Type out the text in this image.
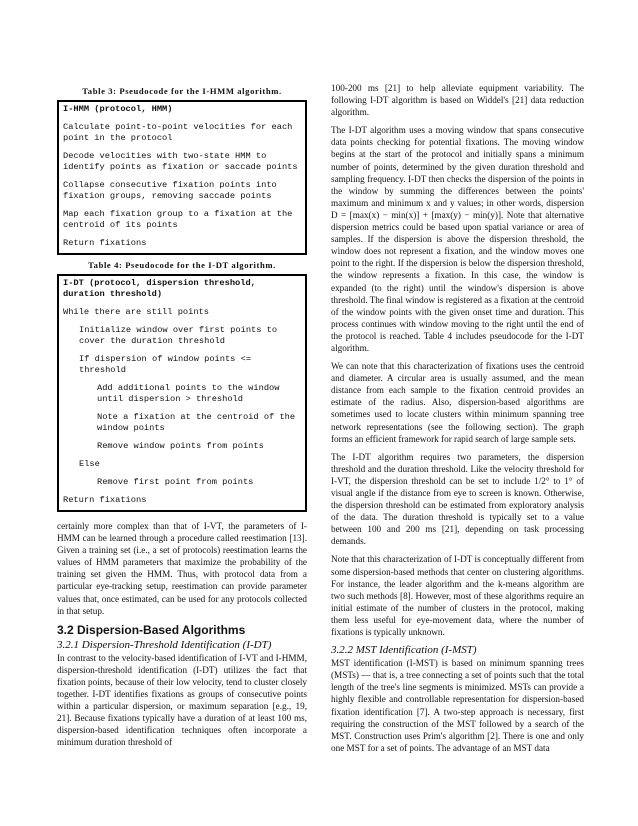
Table 3: Pseudocode for the I-HMM algorithm.
I-HMM (protocol, HMM)
Calculate point-to-point velocities for each point in the protocol
Decode velocities with two-state HMM to identify points as fixation or saccade points
Collapse consecutive fixation points into fixation groups, removing saccade points
Map each fixation group to a fixation at the centroid of its points
Return fixations
Table 4: Pseudocode for the I-DT algorithm.
I-DT (protocol, dispersion threshold, duration threshold)
While there are still points
Initialize window over first points to cover the duration threshold
If dispersion of window points <= threshold
Add additional points to the window until dispersion > threshold
Note a fixation at the centroid of the window points
Remove window points from points
Else
Remove first point from points
Return fixations

certainly more complex than that of I-VT, the parameters of I-HMM can be learned through a procedure called reestimation [13]. Given a training set (i.e., a set of protocols) reestimation learns the values of HMM parameters that maximize the probability of the training set given the HMM. Thus, with protocol data from a particular eye-tracking setup, reestimation can provide parameter values that, once estimated, can be used for any protocols collected in that setup.

3.2 Dispersion-Based Algorithms
3.2.1 Dispersion-Threshold Identification (I-DT)

In contrast to the velocity-based identification of I-VT and I-HMM, dispersion-threshold identification (I-DT) utilizes the fact that fixation points, because of their low velocity, tend to cluster closely together. I-DT identifies fixations as groups of consecutive points within a particular dispersion, or maximum separation [e.g., 19, 21]. Because fixations typically have a duration of at least 100 ms, dispersion-based identification techniques often incorporate a minimum duration threshold of

100-200 ms [21] to help alleviate equipment variability. The following I-DT algorithm is based on Widdel's [21] data reduction algorithm.

The I-DT algorithm uses a moving window that spans consecutive data points checking for potential fixations. The moving window begins at the start of the protocol and initially spans a minimum number of points, determined by the given duration threshold and sampling frequency. I-DT then checks the dispersion of the points in the window by summing the differences between the points' maximum and minimum x and y values; in other words, dispersion D = [max(x) − min(x)] + [max(y) − min(y)]. Note that alternative dispersion metrics could be based upon spatial variance or area of samples. If the dispersion is above the dispersion threshold, the window does not represent a fixation, and the window moves one point to the right. If the dispersion is below the dispersion threshold, the window represents a fixation. In this case, the window is expanded (to the right) until the window's dispersion is above threshold. The final window is registered as a fixation at the centroid of the window points with the given onset time and duration. This process continues with window moving to the right until the end of the protocol is reached. Table 4 includes pseudocode for the I-DT algorithm.

We can note that this characterization of fixations uses the centroid and diameter. A circular area is usually assumed, and the mean distance from each sample to the fixation centroid provides an estimate of the radius. Also, dispersion-based algorithms are sometimes used to locate clusters within minimum spanning tree network representations (see the following section). The graph forms an efficient framework for rapid search of large sample sets.

The I-DT algorithm requires two parameters, the dispersion threshold and the duration threshold. Like the velocity threshold for I-VT, the dispersion threshold can be set to include 1/2° to 1° of visual angle if the distance from eye to screen is known. Otherwise, the dispersion threshold can be estimated from exploratory analysis of the data. The duration threshold is typically set to a value between 100 and 200 ms [21], depending on task processing demands.

Note that this characterization of I-DT is conceptually different from some dispersion-based methods that center on clustering algorithms. For instance, the leader algorithm and the k-means algorithm are two such methods [8]. However, most of these algorithms require an initial estimate of the number of clusters in the protocol, making them less useful for eye-movement data, where the number of fixations is typically unknown.

3.2.2 MST Identification (I-MST)

MST identification (I-MST) is based on minimum spanning trees (MSTs) — that is, a tree connecting a set of points such that the total length of the tree's line segments is minimized. MSTs can provide a highly flexible and controllable representation for dispersion-based fixation identification [7]. A two-step approach is necessary, first requiring the construction of the MST followed by a search of the MST. Construction uses Prim's algorithm [2]. There is one and only one MST for a set of points. The advantage of an MST data
